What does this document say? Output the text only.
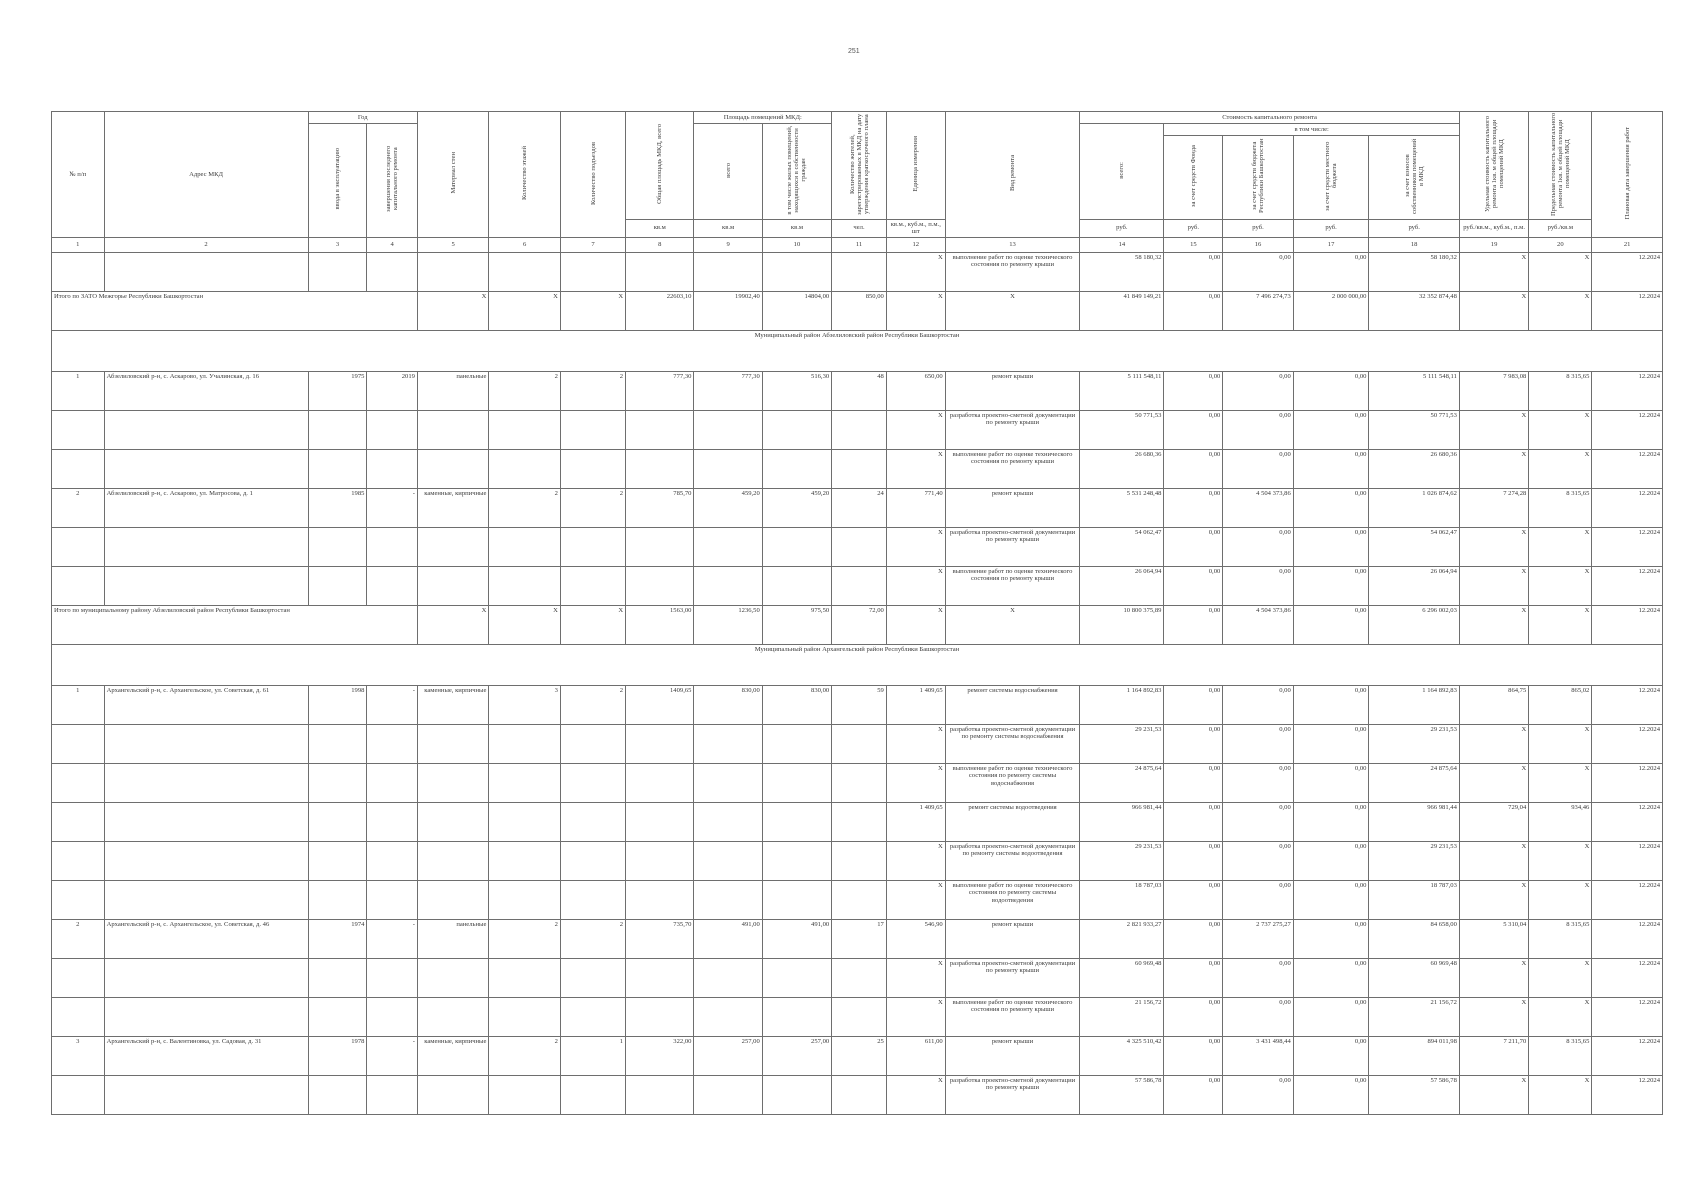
251
№ п/п	Адрес МКД	Год		Материал стен	Количество этажей	Количество подъездов	Общая площадь МКД, всего	Площадь помещений МКД:		Количество жителей, зарегистрированных в МКД на дату утверждения краткосрочного плана	Единица измерения	Вид ремонта	Стоимость капитального ремонта					Удельная стоимость капитального ремонта 1кв. м общей площади помещений МКД	Предельная стоимость капитального ремонта 1кв. м общей площади помещений МКД	Плановая дата завершения работ
		ввода в эксплуатацию	завершения последнего капитального ремонта					всего	в том числе жилых помещений, находящихся в собственности граждан				всего:	в том числе:						
														за счет средств Фонда	за счет средств бюджета Республики Башкортостан	за счет средств местного бюджета	за счет взносов собственников помещений в МКД			
							кв.м	кв.м	кв.м	чел.	кв.м., куб.м., п.м., шт		руб.	руб.	руб.	руб.	руб.	руб./кв.м., куб.м., п.м.	руб./кв.м	
1	2	3	4	5	6	7	8	9	10	11	12	13	14	15	16	17	18	19	20	21
											Х	выполнение работ по оценке технического состояния по ремонту крыши	58 180,32	0,00	0,00	0,00	58 180,32	Х	Х	12.2024
Итого по ЗАТО Межгорье Республики Башкортостан				Х	Х	Х	22603,10	19902,40	14804,00	850,00	Х	Х	41 849 149,21	0,00	7 496 274,73	2 000 000,00	32 352 874,48	Х	Х	12.2024
Муниципальный район Абзелиловский район Республики Башкортостан																				
1	Абзелиловский р-н, с. Аскарово, ул. Учалинская, д. 16	1975	2019	панельные	2	2	777,30	777,30	516,30	48	650,00	ремонт крыши	5 111 548,11	0,00	0,00	0,00	5 111 548,11	7 983,08	8 315,65	12.2024
											Х	разработка проектно-сметной документации по ремонту крыши	50 771,53	0,00	0,00	0,00	50 771,53	Х	Х	12.2024
											Х	выполнение работ по оценке технического состояния по ремонту крыши	26 680,36	0,00	0,00	0,00	26 680,36	Х	Х	12.2024
2	Абзелиловский р-н, с. Аскарово, ул. Матросова, д. 1	1985	-	каменные, кирпичные	2	2	785,70	459,20	459,20	24	771,40	ремонт крыши	5 531 248,48	0,00	4 504 373,86	0,00	1 026 874,62	7 274,28	8 315,65	12.2024
											Х	разработка проектно-сметной документации по ремонту крыши	54 062,47	0,00	0,00	0,00	54 062,47	Х	Х	12.2024
											Х	выполнение работ по оценке технического состояния по ремонту крыши	26 064,94	0,00	0,00	0,00	26 064,94	Х	Х	12.2024
Итого по муниципальному району Абзелиловский район Республики Башкортостан				Х	Х	Х	1563,00	1236,50	975,50	72,00	Х	Х	10 800 375,89	0,00	4 504 373,86	0,00	6 296 002,03	Х	Х	12.2024
Муниципальный район Архангельский район Республики Башкортостан																				
1	Архангельский р-н, с. Архангельское, ул. Советская, д. 61	1998	-	каменные, кирпичные	3	2	1409,65	830,00	830,00	59	1 409,65	ремонт системы водоснабжения	1 164 892,83	0,00	0,00	0,00	1 164 892,83	864,75	865,02	12.2024
											Х	разработка проектно-сметной документации по ремонту системы водоснабжения	29 231,53	0,00	0,00	0,00	29 231,53	Х	Х	12.2024
											Х	выполнение работ по оценке технического состояния по ремонту системы водоснабжения	24 875,64	0,00	0,00	0,00	24 875,64	Х	Х	12.2024
											1 409,65	ремонт системы водоотведения	966 981,44	0,00	0,00	0,00	966 981,44	729,04	934,46	12.2024
											Х	разработка проектно-сметной документации по ремонту системы водоотведения	29 231,53	0,00	0,00	0,00	29 231,53	Х	Х	12.2024
											Х	выполнение работ по оценке технического состояния по ремонту системы водоотведения	18 787,03	0,00	0,00	0,00	18 787,03	Х	Х	12.2024
2	Архангельский р-н, с. Архангельское, ул. Советская, д. 46	1974	-	панельные	2	2	735,70	491,00	491,00	17	546,90	ремонт крыши	2 821 933,27	0,00	2 737 275,27	0,00	84 658,00	5 310,04	8 315,65	12.2024
											Х	разработка проектно-сметной документации по ремонту крыши	60 969,48	0,00	0,00	0,00	60 969,48	Х	Х	12.2024
											Х	выполнение работ по оценке технического состояния по ремонту крыши	21 156,72	0,00	0,00	0,00	21 156,72	Х	Х	12.2024
3	Архангельский р-н, с. Валентиновка, ул. Садовая, д. 31	1978	-	каменные, кирпичные	2	1	322,00	257,00	257,00	25	611,00	ремонт крыши	4 325 510,42	0,00	3 431 498,44	0,00	894 011,98	7 211,70	8 315,65	12.2024
											Х	разработка проектно-сметной документации по ремонту крыши	57 586,78	0,00	0,00	0,00	57 586,78	Х	Х	12.2024
